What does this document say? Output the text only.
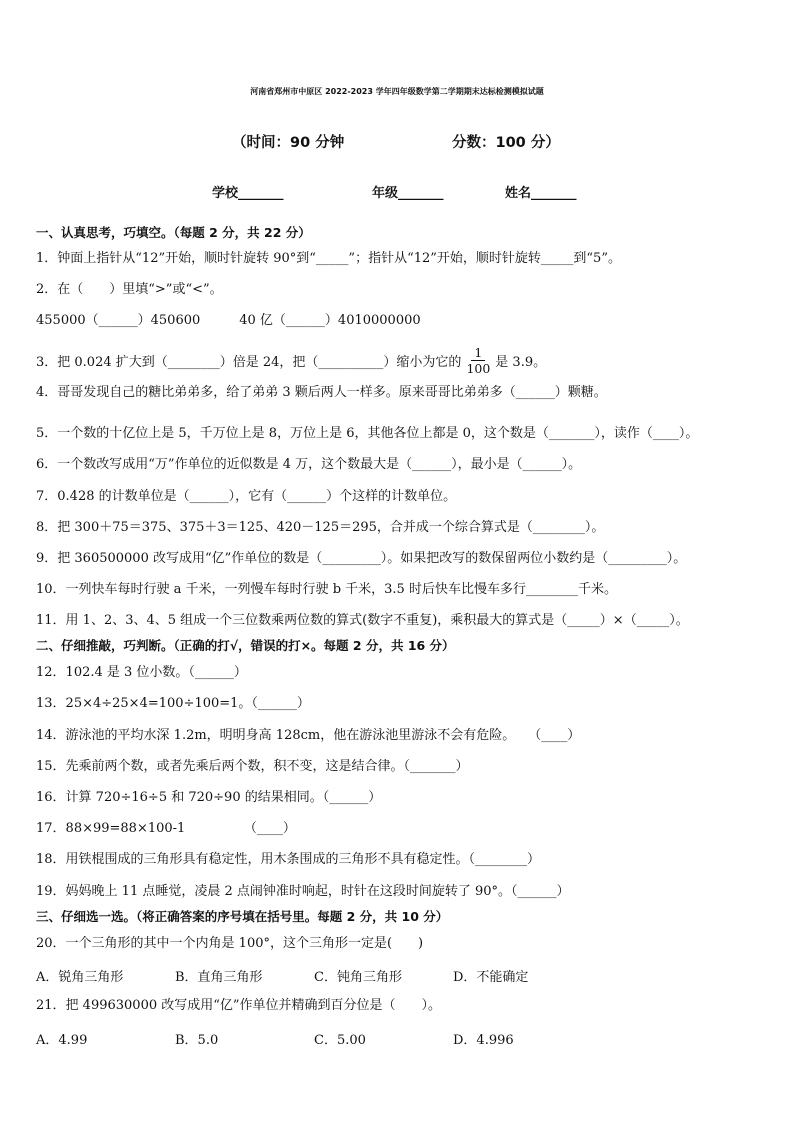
河南省郑州市中原区 2022-2023 学年四年级数学第二学期期末达标检测模拟试题
（时间：90 分钟	分数：100 分）
学校_______	年级_______	姓名_______
一、认真思考，巧填空。（每题 2 分，共 22 分）
1．钟面上指针从“12”开始，顺时针旋转 90°到“_____”；指针从“12”开始，顺时针旋转_____到“5”。
2．在（　　）里填“>”或“<”。
455000（______）450600　　　40 亿（______）4010000000
3．把 0.024 扩大到（________）倍是 24，把（__________）缩小为它的 $\frac{1}{100}$ 是 3.9。
4．哥哥发现自己的糖比弟弟多，给了弟弟 3 颗后两人一样多。原来哥哥比弟弟多（______）颗糖。
5．一个数的十亿位上是 5，千万位上是 8，万位上是 6，其他各位上都是 0，这个数是（_______），读作（____）。
6．一个数改写成用“万”作单位的近似数是 4 万，这个数最大是（______），最小是（______）。
7．0.428 的计数单位是（______），它有（______）个这样的计数单位。
8．把 300＋75＝375、375＋3＝125、420－125＝295，合并成一个综合算式是（________）。
9．把 360500000 改写成用“亿”作单位的数是（_________）。如果把改写的数保留两位小数约是（_________）。
10．一列快车每时行驶 a 千米，一列慢车每时行驶 b 千米，3.5 时后快车比慢车多行________千米。
11．用 1、2、3、4、5 组成一个三位数乘两位数的算式(数字不重复)，乘积最大的算式是（_____）×（_____）。
二、仔细推敲，巧判断。（正确的打√，错误的打×。每题 2 分，共 16 分）
12．102.4 是 3 位小数。（______）
13．25×4÷25×4=100÷100=1。（______）
14．游泳池的平均水深 1.2m，明明身高 128cm，他在游泳池里游泳不会有危险。　　（____）
15．先乘前两个数，或者先乘后两个数，积不变，这是结合律。（_______）
16．计算 720÷16÷5 和 720÷90 的结果相同。（______）
17．88×99=88×100-1　　　　　（____）
18．用铁棍围成的三角形具有稳定性，用木条围成的三角形不具有稳定性。（________）
19．妈妈晚上 11 点睡觉，凌晨 2 点闹钟准时响起，时针在这段时间旋转了 90°。（______）
三、仔细选一选。（将正确答案的序号填在括号里。每题 2 分，共 10 分）
20．一个三角形的其中一个内角是 100°，这个三角形一定是(　　)
A．锐角三角形	B．直角三角形	C．钝角三角形	D．不能确定
21．把 499630000 改写成用“亿”作单位并精确到百分位是（　　）。
A．4.99	B．5.0	C．5.00	D．4.996
